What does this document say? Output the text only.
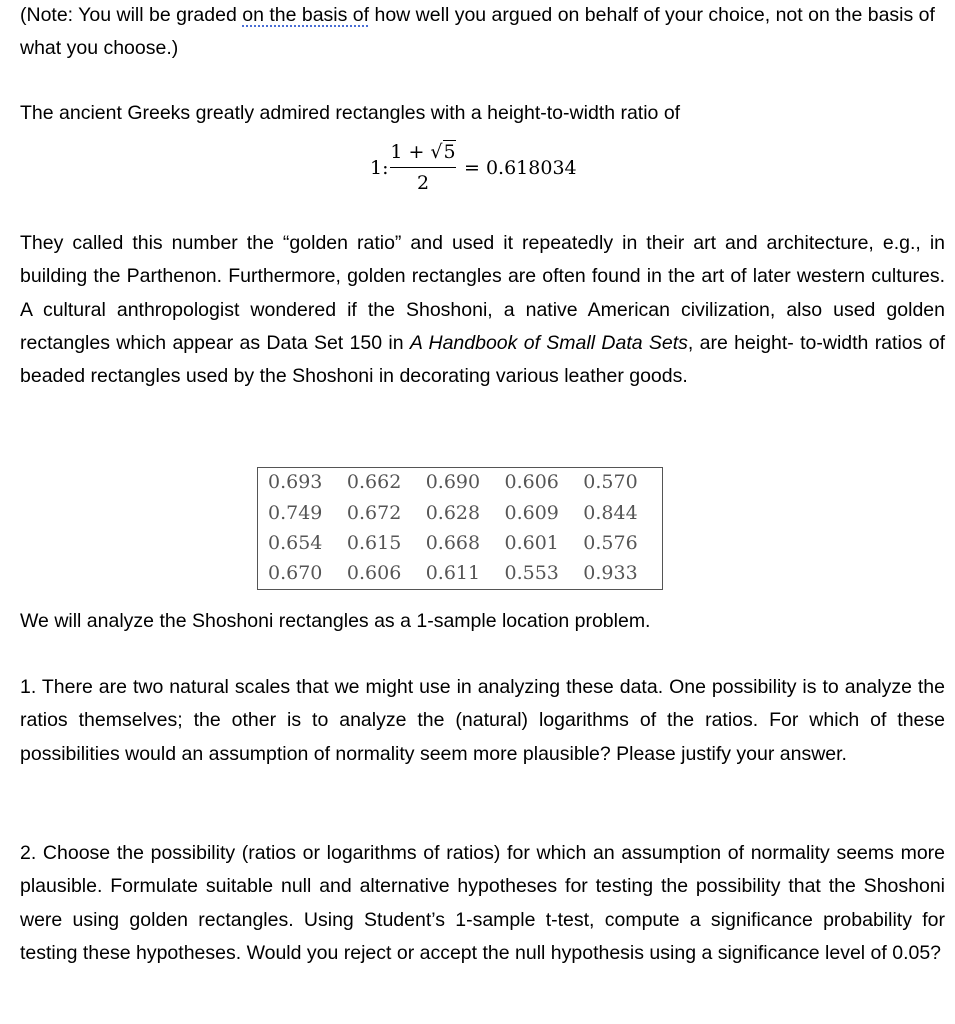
(Note: You will be graded on the basis of how well you argued on behalf of your choice, not on the basis of what you choose.)

The ancient Greeks greatly admired rectangles with a height-to-width ratio of

1:
1 + √5
2
= 0.618034

They called this number the “golden ratio” and used it repeatedly in their art and architecture, e.g., in building the Parthenon. Furthermore, golden rectangles are often found in the art of later western cultures. A cultural anthropologist wondered if the Shoshoni, a native American civilization, also used golden rectangles which appear as Data Set 150 in A Handbook of Small Data Sets, are height- to-width ratios of beaded rectangles used by the Shoshoni in decorating various leather goods.

0.693	0.662	0.690	0.606	0.570
0.749	0.672	0.628	0.609	0.844
0.654	0.615	0.668	0.601	0.576
0.670	0.606	0.611	0.553	0.933

We will analyze the Shoshoni rectangles as a 1-sample location problem.

1. There are two natural scales that we might use in analyzing these data. One possibility is to analyze the ratios themselves; the other is to analyze the (natural) logarithms of the ratios. For which of these possibilities would an assumption of normality seem more plausible? Please justify your answer.

2. Choose the possibility (ratios or logarithms of ratios) for which an assumption of normality seems more plausible. Formulate suitable null and alternative hypotheses for testing the possibility that the Shoshoni were using golden rectangles. Using Student’s 1-sample t-test, compute a significance probability for testing these hypotheses. Would you reject or accept the null hypothesis using a significance level of 0.05?
